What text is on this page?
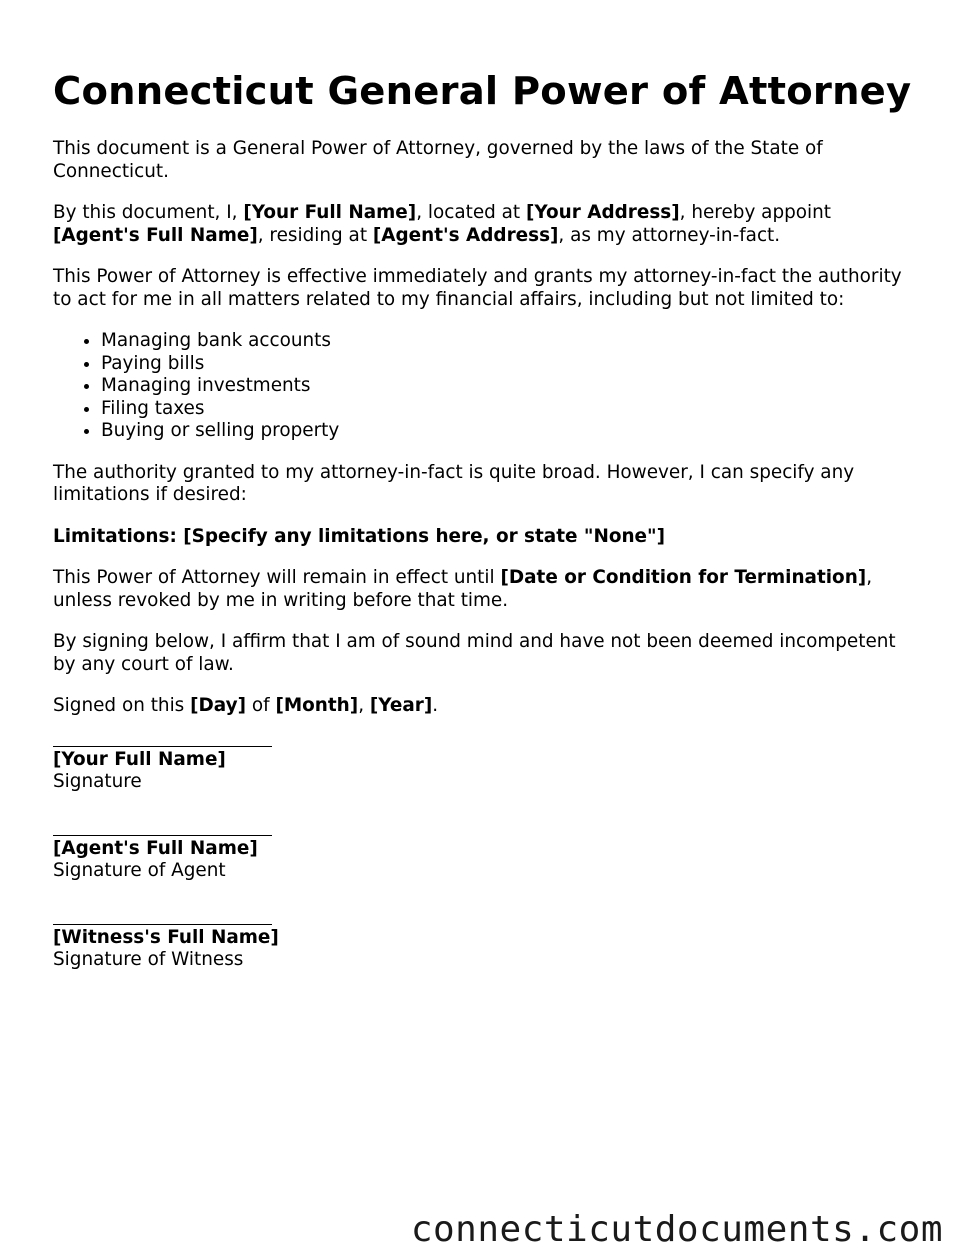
Connecticut General Power of Attorney

This document is a General Power of Attorney, governed by the laws of the State of Connecticut.

By this document, I, [Your Full Name], located at [Your Address], hereby appoint [Agent's Full Name], residing at [Agent's Address], as my attorney-in-fact.

This Power of Attorney is effective immediately and grants my attorney-in-fact the authority to act for me in all matters related to my financial affairs, including but not limited to:

• Managing bank accounts
• Paying bills
• Managing investments
• Filing taxes
• Buying or selling property

The authority granted to my attorney-in-fact is quite broad. However, I can specify any limitations if desired:

Limitations: [Specify any limitations here, or state "None"]

This Power of Attorney will remain in effect until [Date or Condition for Termination], unless revoked by me in writing before that time.

By signing below, I affirm that I am of sound mind and have not been deemed incompetent by any court of law.

Signed on this [Day] of [Month], [Year].

[Your Full Name]
Signature
[Agent's Full Name]
Signature of Agent
[Witness's Full Name]
Signature of Witness
connecticutdocuments.com
